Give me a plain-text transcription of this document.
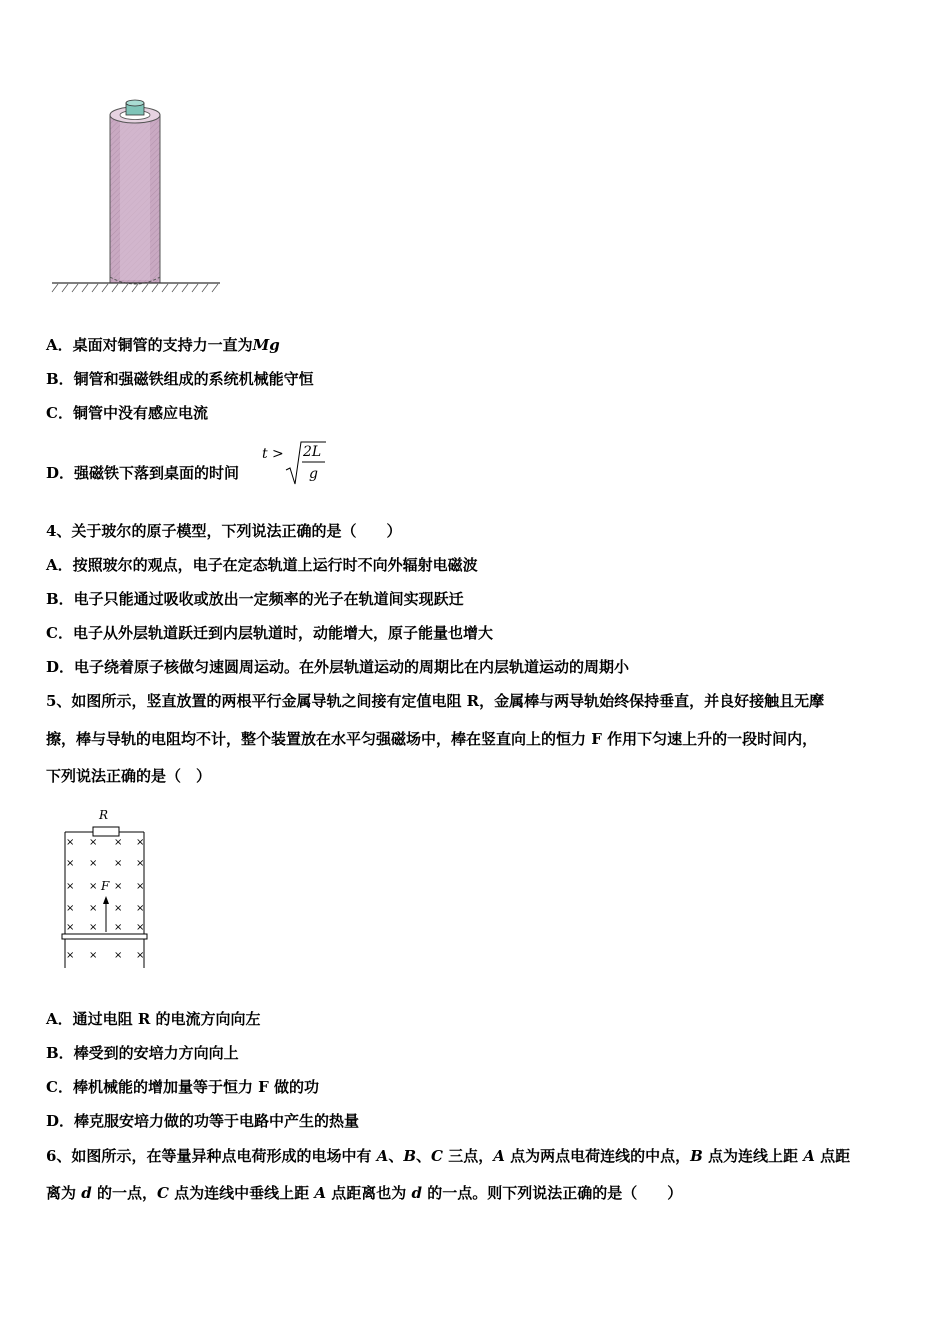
A．桌面对铜管的支持力一直为Mg
B．铜管和强磁铁组成的系统机械能守恒
C．铜管中没有感应电流
D．强磁铁下落到桌面的时间
t > 2L
g
4、关于玻尔的原子模型，下列说法正确的是（　　）
A．按照玻尔的观点，电子在定态轨道上运行时不向外辐射电磁波
B．电子只能通过吸收或放出一定频率的光子在轨道间实现跃迁
C．电子从外层轨道跃迁到内层轨道时，动能增大，原子能量也增大
D．电子绕着原子核做匀速圆周运动。在外层轨道运动的周期比在内层轨道运动的周期小
5、如图所示，竖直放置的两根平行金属导轨之间接有定值电阻 R，金属棒与两导轨始终保持垂直，并良好接触且无摩
擦，棒与导轨的电阻均不计，整个装置放在水平匀强磁场中，棒在竖直向上的恒力 F 作用下匀速上升的一段时间内，
下列说法正确的是（　）
R
F
× × × ×
× × × ×
× × × ×
× × × ×
× × × ×
× × × ×
A．通过电阻 R 的电流方向向左
B．棒受到的安培力方向向上
C．棒机械能的增加量等于恒力 F 做的功
D．棒克服安培力做的功等于电路中产生的热量
6、如图所示，在等量异种点电荷形成的电场中有 A、B、C 三点，A 点为两点电荷连线的中点，B 点为连线上距 A 点距
离为 d 的一点，C 点为连线中垂线上距 A 点距离也为 d 的一点。则下列说法正确的是（　　）
